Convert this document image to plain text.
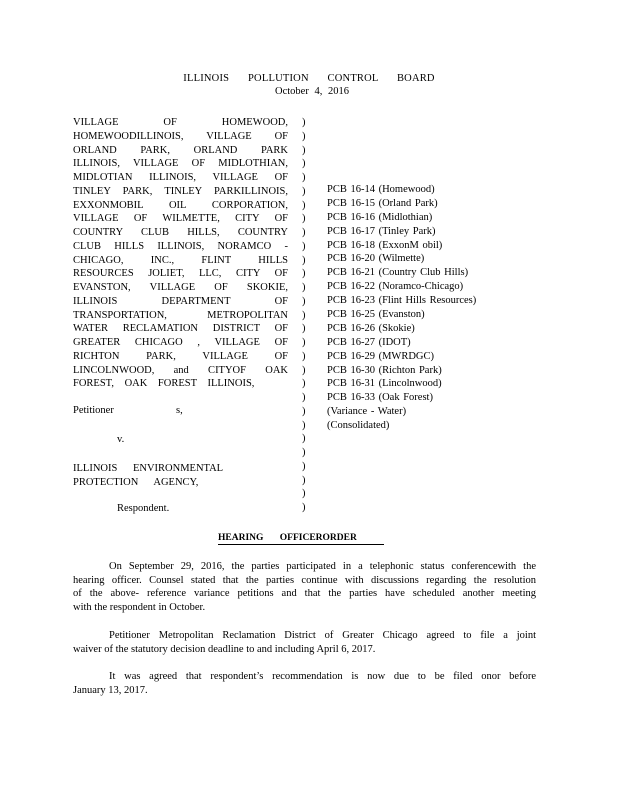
ILLINOIS POLLUTION CONTROL BOARD
October 4, 2016
VILLAGE OF HOMEWOOD,
HOMEWOODILLINOIS, VILLAGE OF
ORLAND PARK, ORLAND PARK
ILLINOIS, VILLAGE OF MIDLOTHIAN,
MIDLOTIAN ILLINOIS, VILLAGE OF
TINLEY PARK, TINLEY PARKILLINOIS,
EXXONMOBIL OIL CORPORATION,
VILLAGE OF WILMETTE, CITY OF
COUNTRY CLUB HILLS, COUNTRY
CLUB HILLS ILLINOIS, NORAMCO -
CHICAGO, INC., FLINT HILLS
RESOURCES JOLIET, LLC, CITY OF
EVANSTON, VILLAGE OF SKOKIE,
ILLINOIS DEPARTMENT OF
TRANSPORTATION, METROPOLITAN
WATER RECLAMATION DISTRICT OF
GREATER CHICAGO , VILLAGE OF
RICHTON PARK, VILLAGE OF
LINCOLNWOOD, and CITYOF OAK
FOREST, OAK FOREST ILLINOIS,
)
)
)
)
)
)
)
)
)
)
)
)
)
)
)
)
)
)
)
)
)
)
)
)
)
)
)
)
)
PCB 16-14 (Homewood)
PCB 16-15 (Orland Park)
PCB 16-16 (Midlothian)
PCB 16-17 (Tinley Park)
PCB 16-18 (ExxonM obil)
PCB 16-20 (Wilmette)
PCB 16-21 (Country Club Hills)
PCB 16-22 (Noramco-Chicago)
PCB 16-23 (Flint Hills Resources)
PCB 16-25 (Evanston)
PCB 16-26 (Skokie)
PCB 16-27 (IDOT)
PCB 16-29 (MWRDGC)
PCB 16-30 (Richton Park)
PCB 16-31 (Lincolnwood)
PCB 16-33 (Oak Forest)
(Variance - Water)
(Consolidated)
Petitioner	s,
v.
ILLINOIS ENVIRONMENTAL
PROTECTION AGENCY,
Respondent.
HEARING OFFICERORDER
On September 29, 2016, the parties participated in a telephonic status conferencewith the
hearing officer. Counsel stated that the parties continue with discussions regarding the resolution
of the above- reference variance petitions and that the parties have scheduled another meeting
with the respondent in October.
Petitioner Metropolitan Reclamation District of Greater Chicago agreed to file a joint
waiver of the statutory decision deadline to and including April 6, 2017.
It was agreed that respondent’s recommendation is now due to be filed onor before
January 13, 2017.
